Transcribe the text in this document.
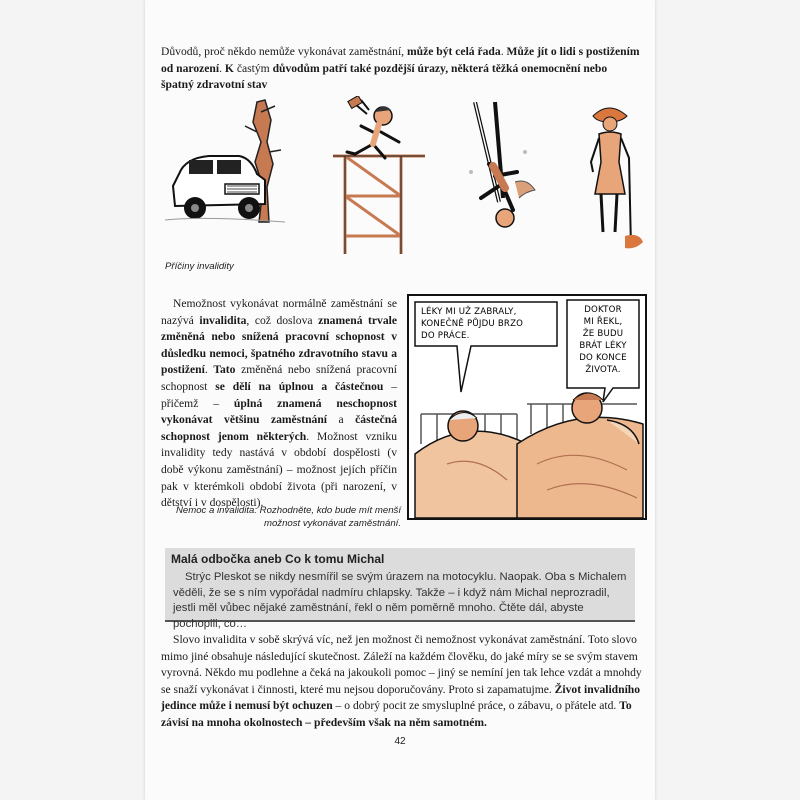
Důvodů, proč někdo nemůže vykonávat zaměstnání, může být celá řada. Může jít o lidi s postižením od narození. K častým důvodům patří také pozdější úrazy, některá těžká onemocnění nebo
špatný zdravotní stav

Příčiny invalidity

Nemožnost vykonávat normálně zaměstnání se nazývá invalidita, což doslova znamená trvale změněná nebo snížená pracovní schopnost v důsledku nemoci, špatného zdravotního stavu a postižení. Tato změněná nebo snížená pracovní schopnost se dělí na úplnou a částečnou – přičemž – úplná znamená neschopnost vykonávat většinu zaměstnání a částečná schopnost jenom některých. Možnost vzniku invalidity tedy nastává v období dospělosti (v době výkonu zaměstnání) – možnost jejích příčin pak v kterémkoli období života (při narození, v dětství i v dospělosti).

Nemoc a invalidita: Rozhodněte, kdo bude mít menší
možnost vykonávat zaměstnání.
LÉKY MI UŽ ZABRALY,
KONEČNĚ PŮJDU BRZO
DO PRÁCE.
DOKTOR
MI ŘEKL,
ŽE BUDU
BRÁT LÉKY
DO KONCE
ŽIVOTA.
Malá odbočka aneb Co k tomu Michal
Strýc Pleskot se nikdy nesmířil se svým úrazem na motocyklu. Naopak. Oba s Michalem věděli, že se s ním vypořádal nadmíru chlapsky. Takže – i když nám Michal neprozradil, jestli měl vůbec nějaké zaměstnání, řekl o něm poměrně mnoho. Čtěte dál, abyste pochopili, co…

Slovo invalidita v sobě skrývá víc, než jen možnost či nemožnost vykonávat zaměstnání. Toto slovo mimo jiné obsahuje následující skutečnost. Záleží na každém člověku, do jaké míry se se svým stavem vyrovná. Někdo mu podlehne a čeká na jakoukoli pomoc – jiný se nemíní jen tak lehce vzdát a mnohdy se snaží vykonávat i činnosti, které mu nejsou doporučovány. Proto si zapamatujme. Život invalidního jedince může i nemusí být ochuzen – o dobrý pocit ze smysluplné práce, o zábavu, o přátele atd. To závisí na mnoha okolnostech – především však na něm samotném.

42
